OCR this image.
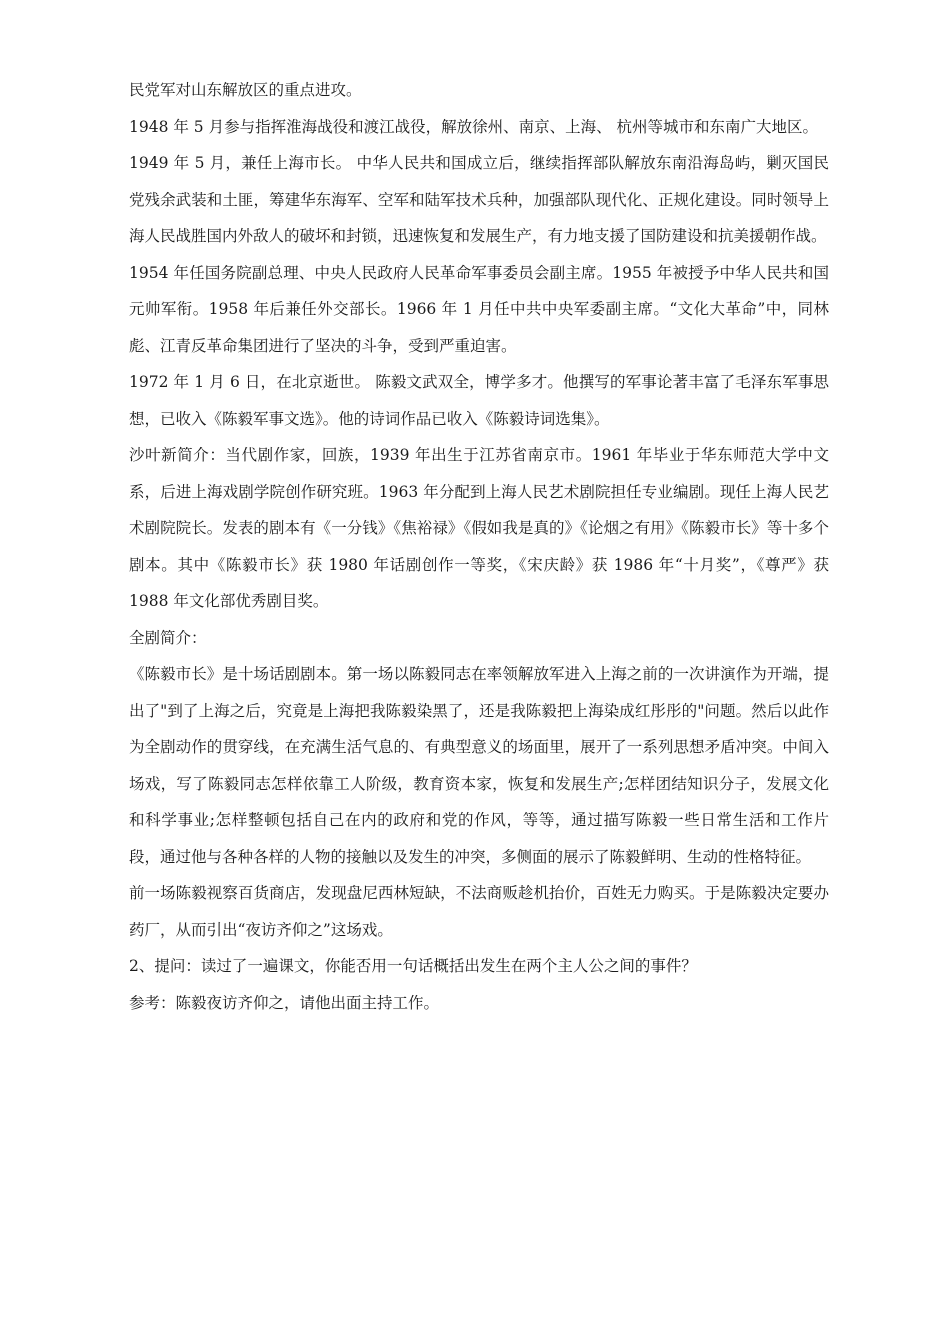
民党军对山东解放区的重点进攻。

1948 年 5 月参与指挥淮海战役和渡江战役，解放徐州、南京、上海、 杭州等城市和东南广大地区。

1949 年 5 月，兼任上海市长。 中华人民共和国成立后，继续指挥部队解放东南沿海岛屿，剿灭国民党残余武装和土匪，筹建华东海军、空军和陆军技术兵种，加强部队现代化、正规化建设。同时领导上海人民战胜国内外敌人的破坏和封锁，迅速恢复和发展生产，有力地支援了国防建设和抗美援朝作战。

1954 年任国务院副总理、中央人民政府人民革命军事委员会副主席。1955 年被授予中华人民共和国元帅军衔。1958 年后兼任外交部长。1966 年 1 月任中共中央军委副主席。“文化大革命”中，同林彪、江青反革命集团进行了坚决的斗争，受到严重迫害。

1972 年 1 月 6 日，在北京逝世。 陈毅文武双全，博学多才。他撰写的军事论著丰富了毛泽东军事思想，已收入《陈毅军事文选》。他的诗词作品已收入《陈毅诗词选集》。

沙叶新简介：当代剧作家，回族，1939 年出生于江苏省南京市。1961 年毕业于华东师范大学中文系，后进上海戏剧学院创作研究班。1963 年分配到上海人民艺术剧院担任专业编剧。现任上海人民艺术剧院院长。发表的剧本有《一分钱》《焦裕禄》《假如我是真的》《论烟之有用》《陈毅市长》等十多个剧本。其中《陈毅市长》获 1980 年话剧创作一等奖，《宋庆龄》获 1986 年“十月奖”，《尊严》获 1988 年文化部优秀剧目奖。

全剧简介：

《陈毅市长》是十场话剧剧本。第一场以陈毅同志在率领解放军进入上海之前的一次讲演作为开端，提出了"到了上海之后，究竟是上海把我陈毅染黑了，还是我陈毅把上海染成红彤彤的"问题。然后以此作为全剧动作的贯穿线，在充满生活气息的、有典型意义的场面里，展开了一系列思想矛盾冲突。中间入场戏，写了陈毅同志怎样依靠工人阶级，教育资本家，恢复和发展生产;怎样团结知识分子，发展文化和科学事业;怎样整顿包括自己在内的政府和党的作风，等等，通过描写陈毅一些日常生活和工作片段，通过他与各种各样的人物的接触以及发生的冲突，多侧面的展示了陈毅鲜明、生动的性格特征。

前一场陈毅视察百货商店，发现盘尼西林短缺，不法商贩趁机抬价，百姓无力购买。于是陈毅决定要办药厂，从而引出“夜访齐仰之”这场戏。

2、提问：读过了一遍课文，你能否用一句话概括出发生在两个主人公之间的事件？

参考：陈毅夜访齐仰之，请他出面主持工作。
